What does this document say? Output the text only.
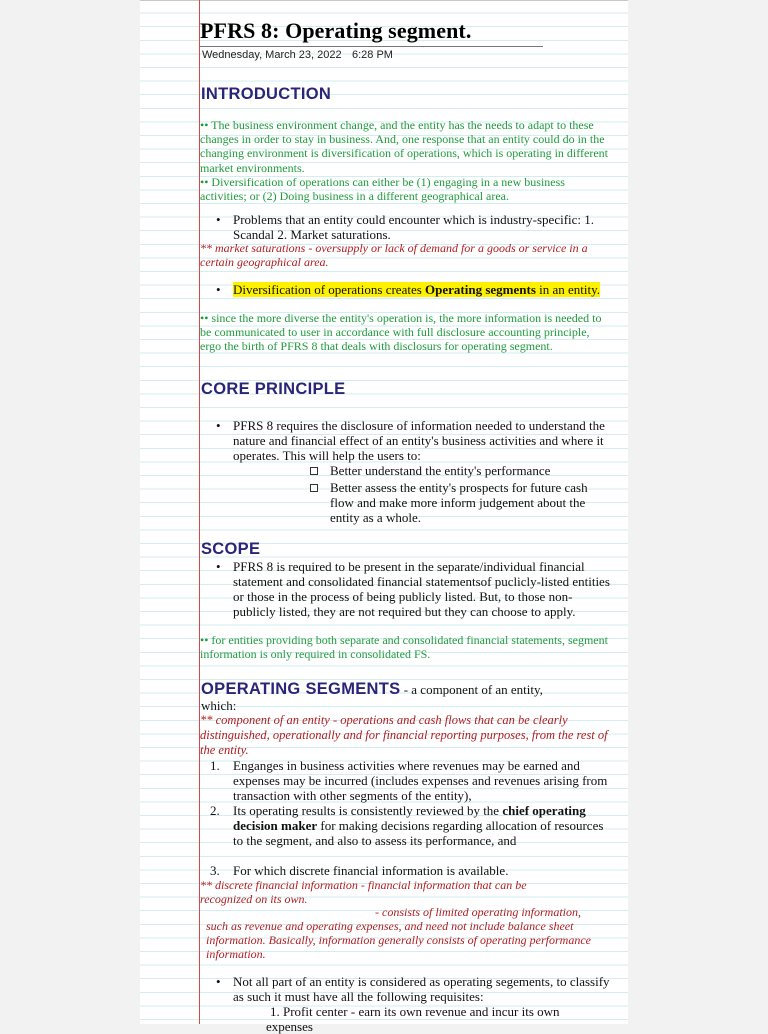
PFRS 8: Operating segment.
Wednesday, March 23, 2022 6:28 PM
INTRODUCTION
•• The business environment change, and the entity has the needs to adapt to these changes in order to stay in business. And, one response that an entity could do in the changing environment is diversification of operations, which is operating in different market environments.
•• Diversification of operations can either be (1) engaging in a new business activities; or (2) Doing business in a different geographical area.
• Problems that an entity could encounter which is industry-specific: 1. Scandal 2. Market saturations.
** market saturations - oversupply or lack of demand for a goods or service in a certain geographical area.
• Diversification of operations creates Operating segments in an entity.
•• since the more diverse the entity's operation is, the more information is needed to be communicated to user in accordance with full disclosure accounting principle, ergo the birth of PFRS 8 that deals with disclosurs for operating segment.
CORE PRINCIPLE
• PFRS 8 requires the disclosure of information needed to understand the nature and financial effect of an entity's business activities and where it operates. This will help the users to:
Better understand the entity's performance
Better assess the entity's prospects for future cash flow and make more inform judgement about the entity as a whole.
SCOPE
• PFRS 8 is required to be present in the separate/individual financial statement and consolidated financial statementsof puclicly-listed entities or those in the process of being publicly listed. But, to those non-publicly listed, they are not required but they can choose to apply.
•• for entities providing both separate and consolidated financial statements, segment information is only required in consolidated FS.
OPERATING SEGMENTS - a component of an entity,
which:
** component of an entity - operations and cash flows that can be clearly distinguished, operationally and for financial reporting purposes, from the rest of the entity.
1. Enganges in business activities where revenues may be earned and expenses may be incurred (includes expenses and revenues arising from transaction with other segments of the entity),
2. Its operating results is consistently reviewed by the chief operating decision maker for making decisions regarding allocation of resources to the segment, and also to assess its performance, and
3. For which discrete financial information is available.
** discrete financial information - financial information that can be recognized on its own.
- consists of limited operating information,
such as revenue and operating expenses, and need not include balance sheet information. Basically, information generally consists of operating performance information.
• Not all part of an entity is considered as operating segements, to classify as such it must have all the following requisites:
1. Profit center - earn its own revenue and incur its own
expenses
